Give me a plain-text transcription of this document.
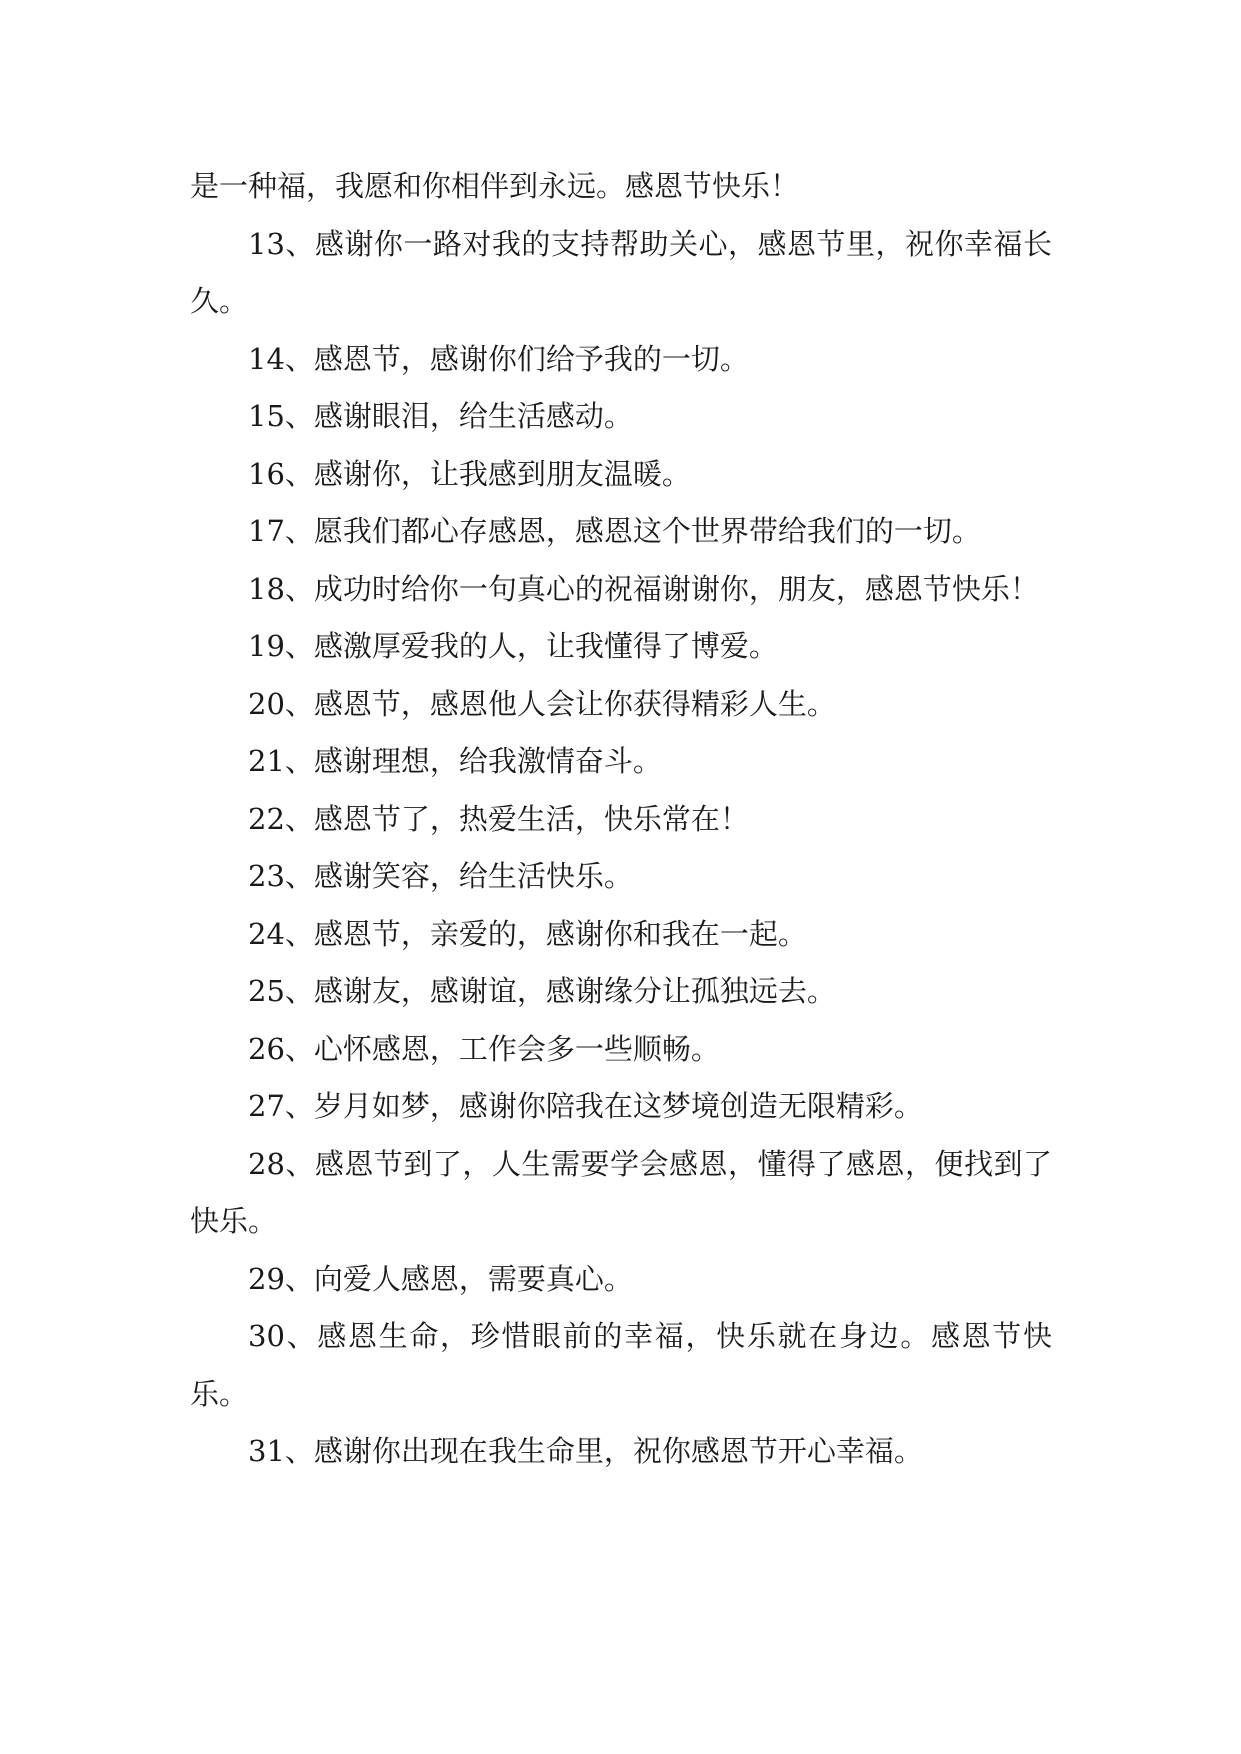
是一种福，我愿和你相伴到永远。感恩节快乐！

13、感谢你一路对我的支持帮助关心，感恩节里，祝你幸福长久。

14、感恩节，感谢你们给予我的一切。

15、感谢眼泪，给生活感动。

16、感谢你，让我感到朋友温暖。

17、愿我们都心存感恩，感恩这个世界带给我们的一切。

18、成功时给你一句真心的祝福谢谢你，朋友，感恩节快乐！

19、感激厚爱我的人，让我懂得了博爱。

20、感恩节，感恩他人会让你获得精彩人生。

21、感谢理想，给我激情奋斗。

22、感恩节了，热爱生活，快乐常在！

23、感谢笑容，给生活快乐。

24、感恩节，亲爱的，感谢你和我在一起。

25、感谢友，感谢谊，感谢缘分让孤独远去。

26、心怀感恩，工作会多一些顺畅。

27、岁月如梦，感谢你陪我在这梦境创造无限精彩。

28、感恩节到了，人生需要学会感恩，懂得了感恩，便找到了快乐。

29、向爱人感恩，需要真心。

30、感恩生命，珍惜眼前的幸福，快乐就在身边。感恩节快乐。

31、感谢你出现在我生命里，祝你感恩节开心幸福。
